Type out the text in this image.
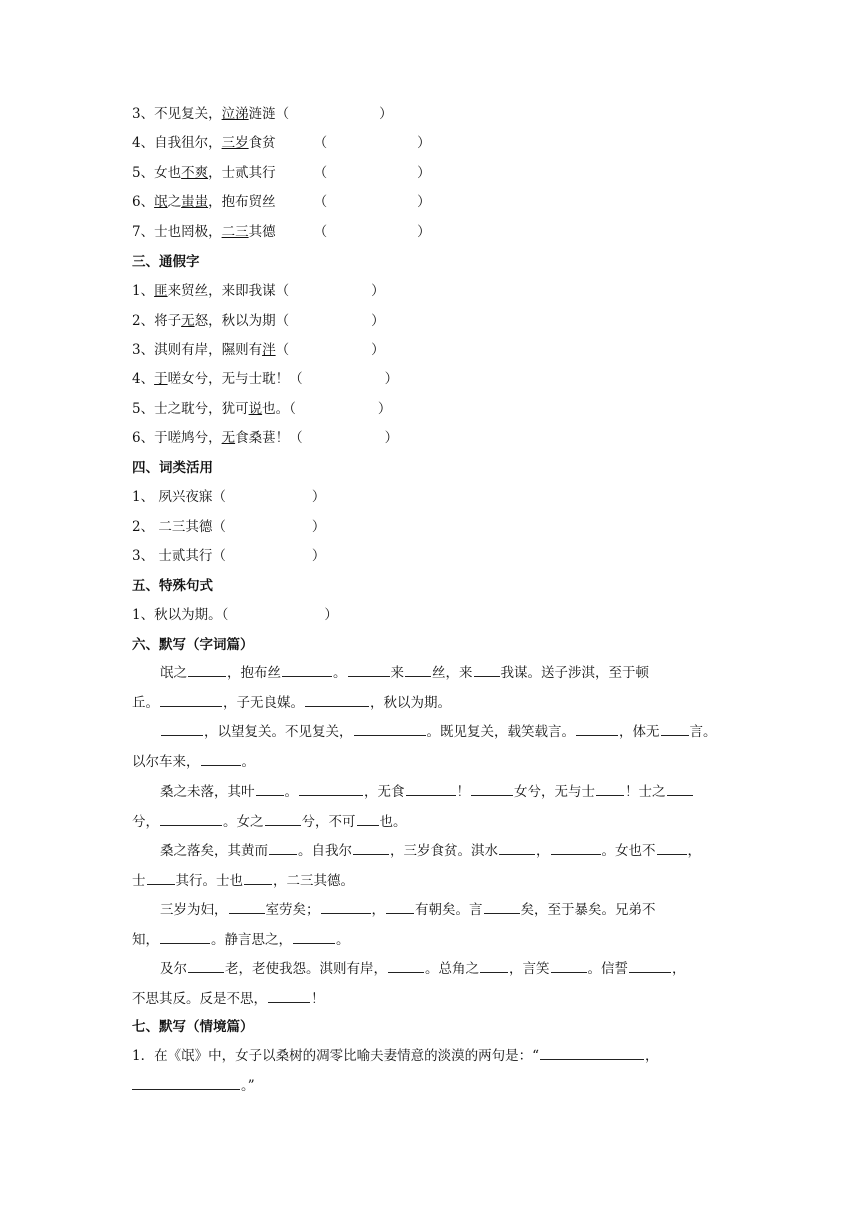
3、不见复关，泣涕涟涟（	）
4、自我徂尔，三岁食贫	（	）
5、女也不爽，士贰其行	（	）
6、氓之蚩蚩，抱布贸丝	（	）
7、士也罔极，二三其德	（	）
三、通假字
1、匪来贸丝，来即我谋（	）
2、将子无怒，秋以为期（	）
3、淇则有岸，隰则有泮（	）
4、于嗟女兮，无与士耽！（	）
5、士之耽兮，犹可说也。（	）
6、于嗟鸠兮，无食桑葚！（	）
四、词类活用
1、 夙兴夜寐（	）
2、 二三其德（	）
3、 士贰其行（	）
五、特殊句式
1、秋以为期。（	）
六、默写（字词篇）
氓之	，抱布丝	。	来 丝，来 我谋。送子涉淇，至于顿
丘。	，子无良媒。	，秋以为期。
，以望复关。不见复关，	。既见复关，载笑载言。	，体无 言。
以尔车来，	。
桑之未落，其叶 。	，无食	！	女兮，无与士 ！士之
兮，	。女之	兮，不可 也。
桑之落矣，其黄而 。自我尔	，三岁食贫。淇水	，	。女也不 ，
士 其行。士也 ，二三其德。
三岁为妇，	室劳矣；	， 有朝矣。言	矣，至于暴矣。兄弟不
知，	。静言思之，	。
及尔	老，老使我怨。淇则有岸，	。总角之 ，言笑	。信誓	，
不思其反。反是不思，	！
七、默写（情境篇）
1．在《氓》中，女子以桑树的凋零比喻夫妻情意的淡漠的两句是：“	，
。”
